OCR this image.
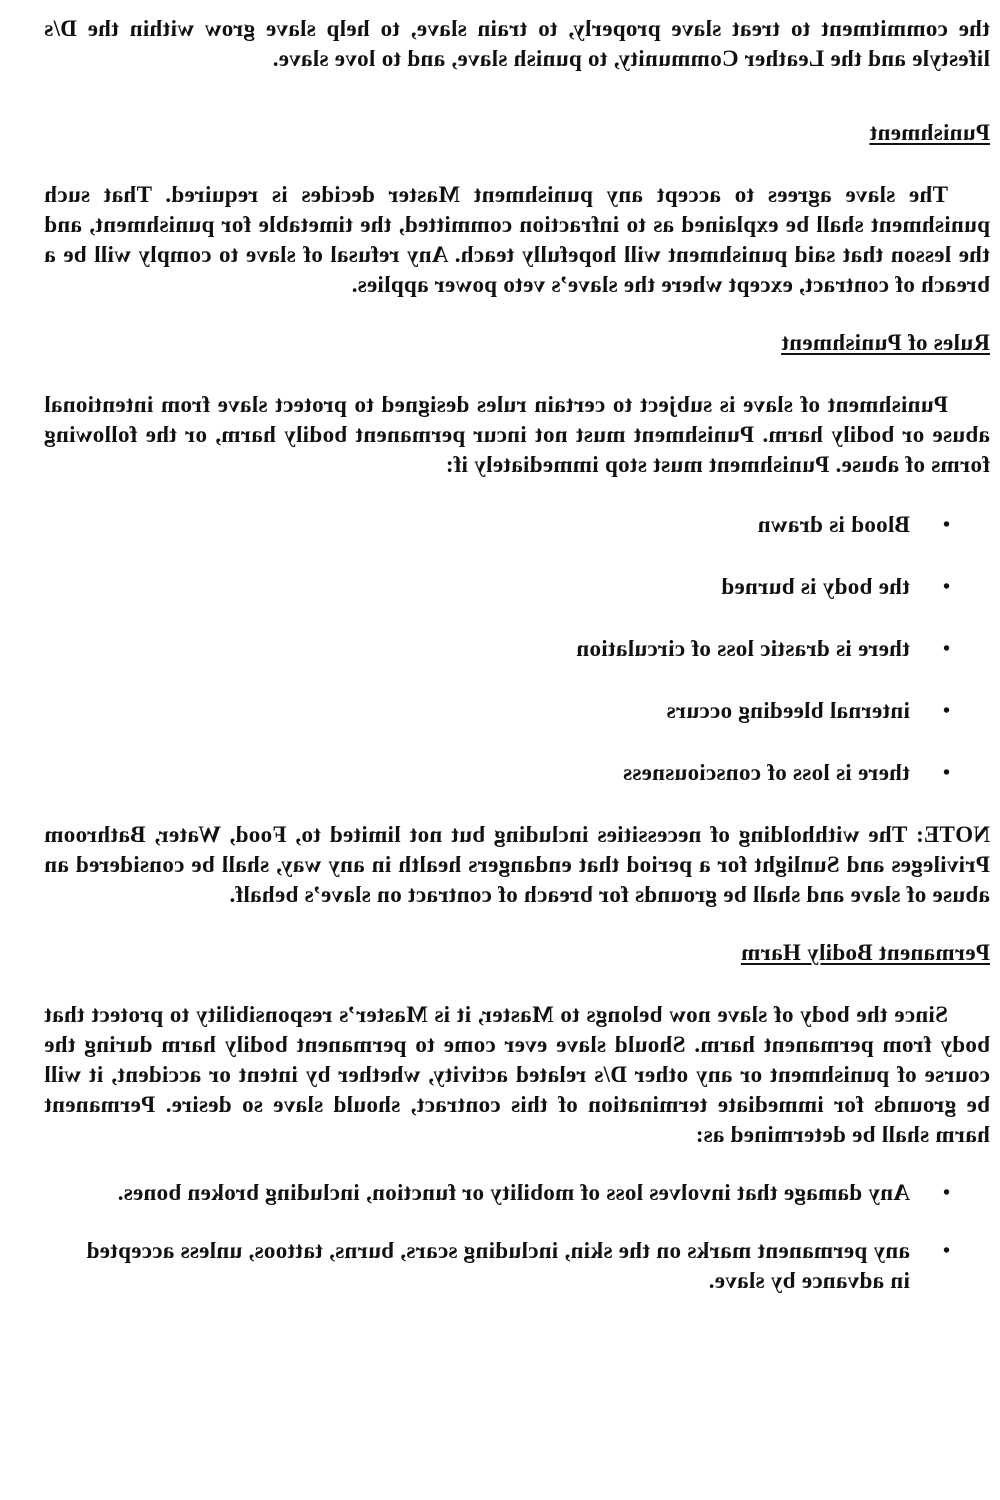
the commitment to treat slave properly, to train slave, to help slave grow within the D/s lifestyle and the Leather Community, to punish slave, and to love slave.

Punishment

The slave agrees to accept any punishment Master decides is required. That such punishment shall be explained as to infraction committed, the timetable for punishment, and the lesson that said punishment will hopefully teach. Any refusal of slave to comply will be a breach of contract, except where the slave’s veto power applies.

Rules of Punishment

Punishment of slave is subject to certain rules designed to protect slave from intentional abuse or bodily harm. Punishment must not incur permanent bodily harm, or the following forms of abuse. Punishment must stop immediately if:

•
Blood is drawn
•
the body is burned
•
there is drastic loss of circulation
•
internal bleeding occurs
•
there is loss of consciousness

NOTE: The withholding of necessities including but not limited to, Food, Water, Bathroom Privileges and Sunlight for a period that endangers health in any way, shall be considered an abuse of slave and shall be grounds for breach of contract on slave’s behalf.

Permanent Bodily Harm

Since the body of slave now belongs to Master, it is Master’s responsibility to protect that body from permanent harm. Should slave ever come to permanent bodily harm during the course of punishment or any other D/s related activity, whether by intent or accident, it will be grounds for immediate termination of this contract, should slave so desire. Permanent harm shall be determined as:

•
Any damage that involves loss of mobility or function, including broken bones.
•
any permanent marks on the skin, including scars, burns, tattoos, unless accepted in advance by slave.
